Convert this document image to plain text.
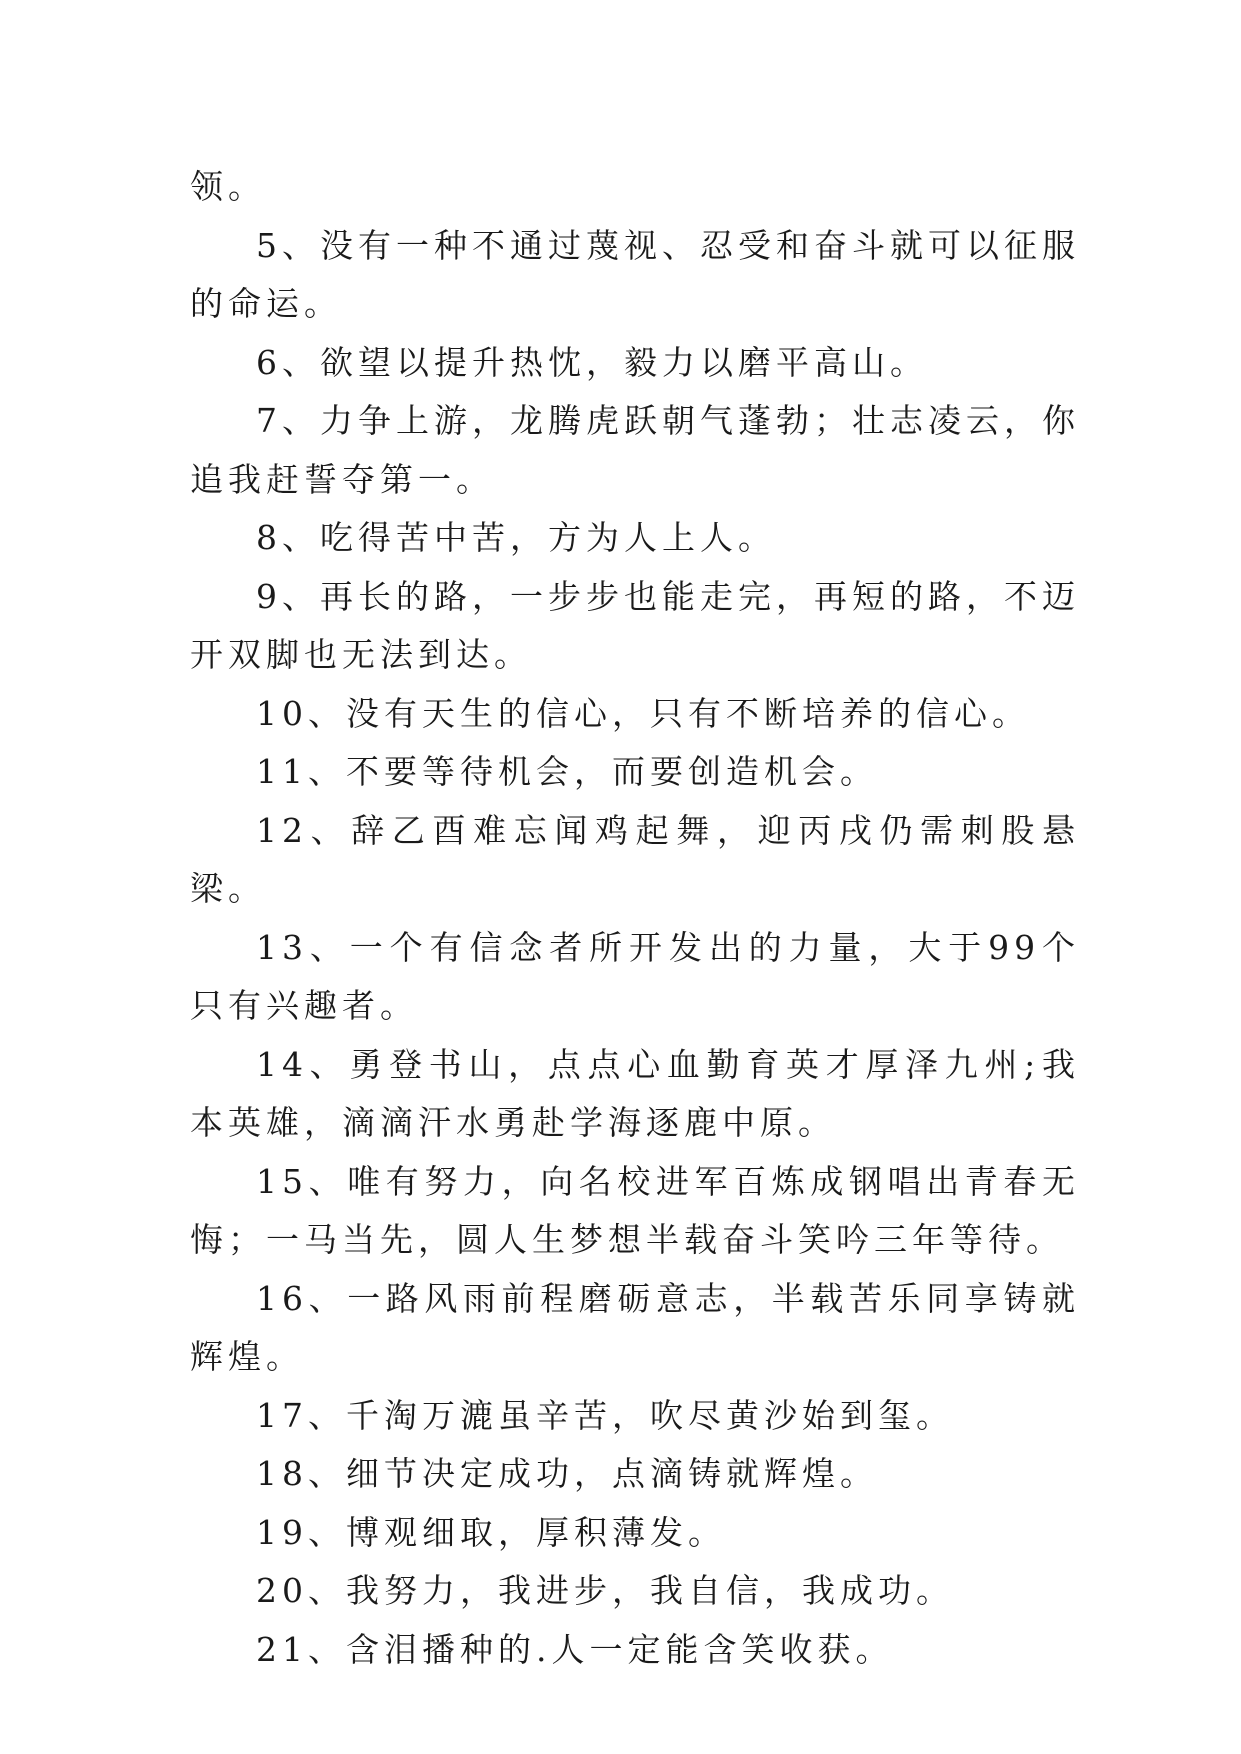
领。

5、没有一种不通过蔑视、忍受和奋斗就可以征服的命运。

6、欲望以提升热忱，毅力以磨平高山。

7、力争上游，龙腾虎跃朝气蓬勃；壮志凌云，你追我赶誓夺第一。

8、吃得苦中苦，方为人上人。

9、再长的路，一步步也能走完，再短的路，不迈开双脚也无法到达。

10、没有天生的信心，只有不断培养的信心。

11、不要等待机会，而要创造机会。

12、辞乙酉难忘闻鸡起舞，迎丙戌仍需刺股悬梁。

13、一个有信念者所开发出的力量，大于99个只有兴趣者。

14、勇登书山，点点心血勤育英才厚泽九州;我本英雄，滴滴汗水勇赴学海逐鹿中原。

15、唯有努力，向名校进军百炼成钢唱出青春无悔；一马当先，圆人生梦想半载奋斗笑吟三年等待。

16、一路风雨前程磨砺意志，半载苦乐同享铸就辉煌。

17、千淘万漉虽辛苦，吹尽黄沙始到玺。

18、细节决定成功，点滴铸就辉煌。

19、博观细取，厚积薄发。

20、我努力，我进步，我自信，我成功。

21、含泪播种的.人一定能含笑收获。
